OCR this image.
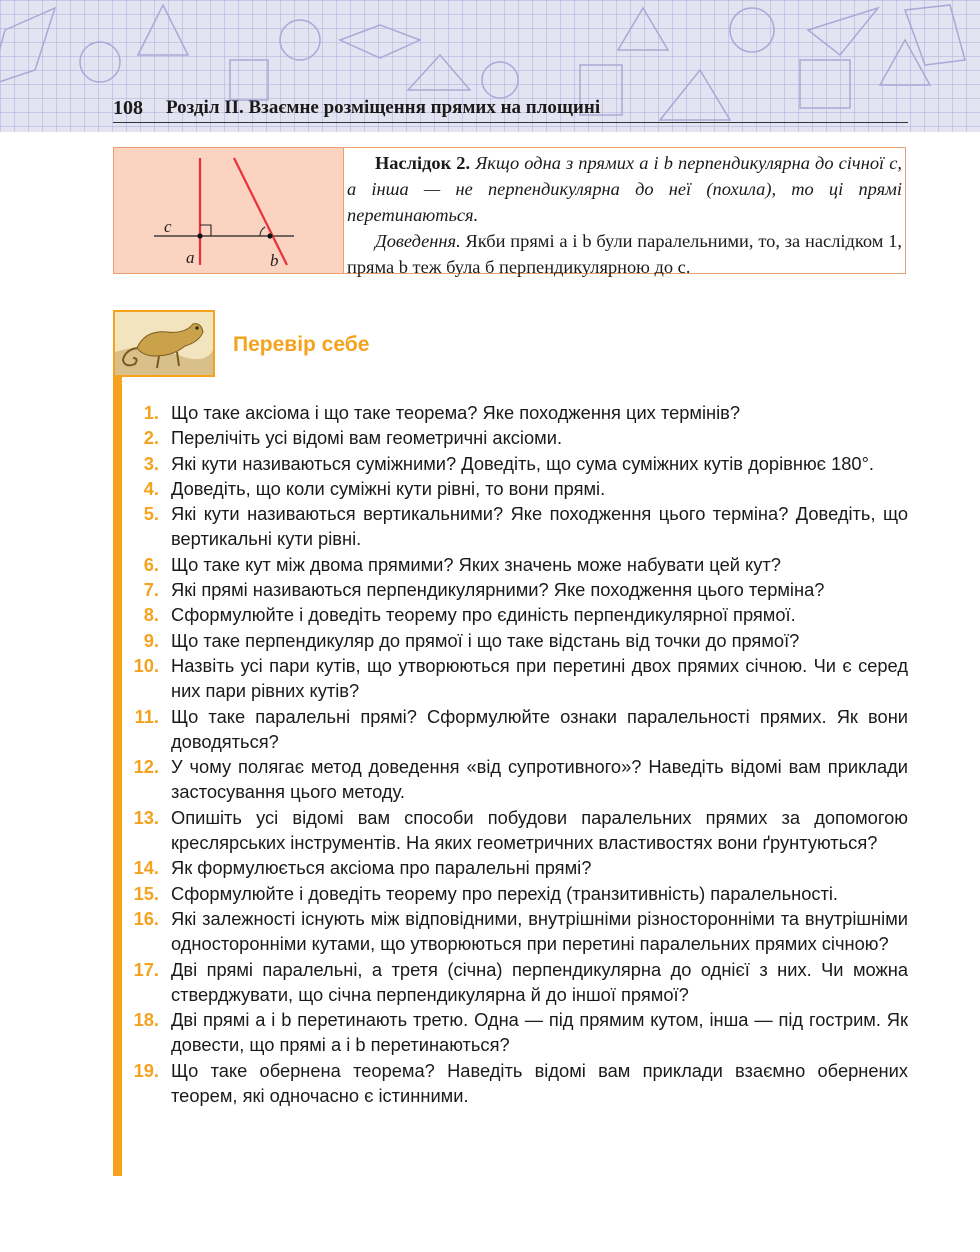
108 Розділ ІІ. Взаємне розміщення прямих на площині
c
a	b

Наслідок 2. Якщо одна з прямих a і b перпендикулярна до січної c, а інша — не перпендикулярна до неї (похила), то ці прямі перетинаються.

Доведення. Якби прямі a і b були паралельними, то, за наслідком 1, пряма b теж була б перпендикулярною до c.

Перевір себе
1. Що таке аксіома і що таке теорема? Яке походження цих термінів?
2. Перелічіть усі відомі вам геометричні аксіоми.
3. Які кути називаються суміжними? Доведіть, що сума суміжних кутів дорівнює 180°.
4. Доведіть, що коли суміжні кути рівні, то вони прямі.
5. Які кути називаються вертикальними? Яке походження цього терміна? Доведіть, що вертикальні кути рівні.
6. Що таке кут між двома прямими? Яких значень може набувати цей кут?
7. Які прямі називаються перпендикулярними? Яке походження цього терміна?
8. Сформулюйте і доведіть теорему про єдиність перпендикулярної прямої.
9. Що таке перпендикуляр до прямої і що таке відстань від точки до прямої?
10. Назвіть усі пари кутів, що утворюються при перетині двох прямих січною. Чи є серед них пари рівних кутів?
11. Що таке паралельні прямі? Сформулюйте ознаки паралельності прямих. Як вони доводяться?
12. У чому полягає метод доведення «від супротивного»? Наведіть відомі вам приклади застосування цього методу.
13. Опишіть усі відомі вам способи побудови паралельних прямих за допомогою креслярських інструментів. На яких геометричних властивостях вони ґрунтуються?
14. Як формулюється аксіома про паралельні прямі?
15. Сформулюйте і доведіть теорему про перехід (транзитивність) паралельності.
16. Які залежності існують між відповідними, внутрішніми різносторонніми та внутрішніми односторонніми кутами, що утворюються при перетині паралельних прямих січною?
17. Дві прямі паралельні, а третя (січна) перпендикулярна до однієї з них. Чи можна стверджувати, що січна перпендикулярна й до іншої прямої?
18. Дві прямі a і b перетинають третю. Одна — під прямим кутом, інша — під гострим. Як довести, що прямі a і b перетинаються?
19. Що таке обернена теорема? Наведіть відомі вам приклади взаємно обернених теорем, які одночасно є істинними.
